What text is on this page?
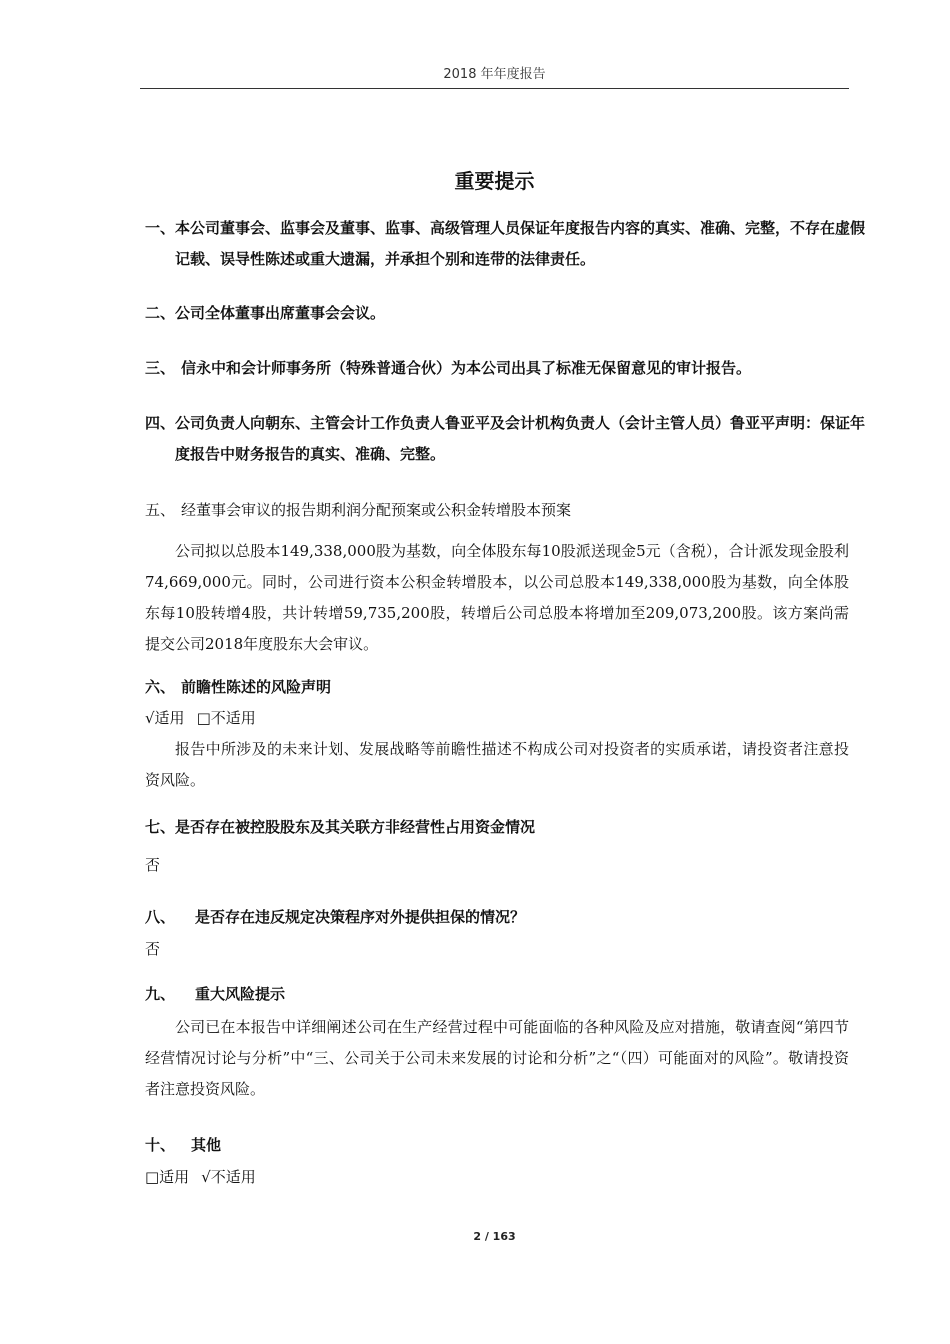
2018 年年度报告
重要提示
一、本公司董事会、监事会及董事、监事、高级管理人员保证年度报告内容的真实、准确、完整，不存在虚假记载、误导性陈述或重大遗漏，并承担个别和连带的法律责任。
二、公司全体董事出席董事会会议。
三、 信永中和会计师事务所（特殊普通合伙）为本公司出具了标准无保留意见的审计报告。
四、公司负责人向朝东、主管会计工作负责人鲁亚平及会计机构负责人（会计主管人员）鲁亚平声明：保证年度报告中财务报告的真实、准确、完整。
五、 经董事会审议的报告期利润分配预案或公积金转增股本预案
公司拟以总股本149,338,000股为基数，向全体股东每10股派送现金5元（含税），合计派发现金股利74,669,000元。同时，公司进行资本公积金转增股本，以公司总股本149,338,000股为基数，向全体股东每10股转增4股，共计转增59,735,200股，转增后公司总股本将增加至209,073,200股。该方案尚需提交公司2018年度股东大会审议。
六、 前瞻性陈述的风险声明
√适用 □不适用
报告中所涉及的未来计划、发展战略等前瞻性描述不构成公司对投资者的实质承诺，请投资者注意投资风险。
七、是否存在被控股股东及其关联方非经营性占用资金情况
否
八、 是否存在违反规定决策程序对外提供担保的情况？
否
九、 重大风险提示
公司已在本报告中详细阐述公司在生产经营过程中可能面临的各种风险及应对措施，敬请查阅“第四节经营情况讨论与分析”中“三、公司关于公司未来发展的讨论和分析”之“（四）可能面对的风险”。敬请投资者注意投资风险。
十、 其他
□适用 √不适用
2 / 163
